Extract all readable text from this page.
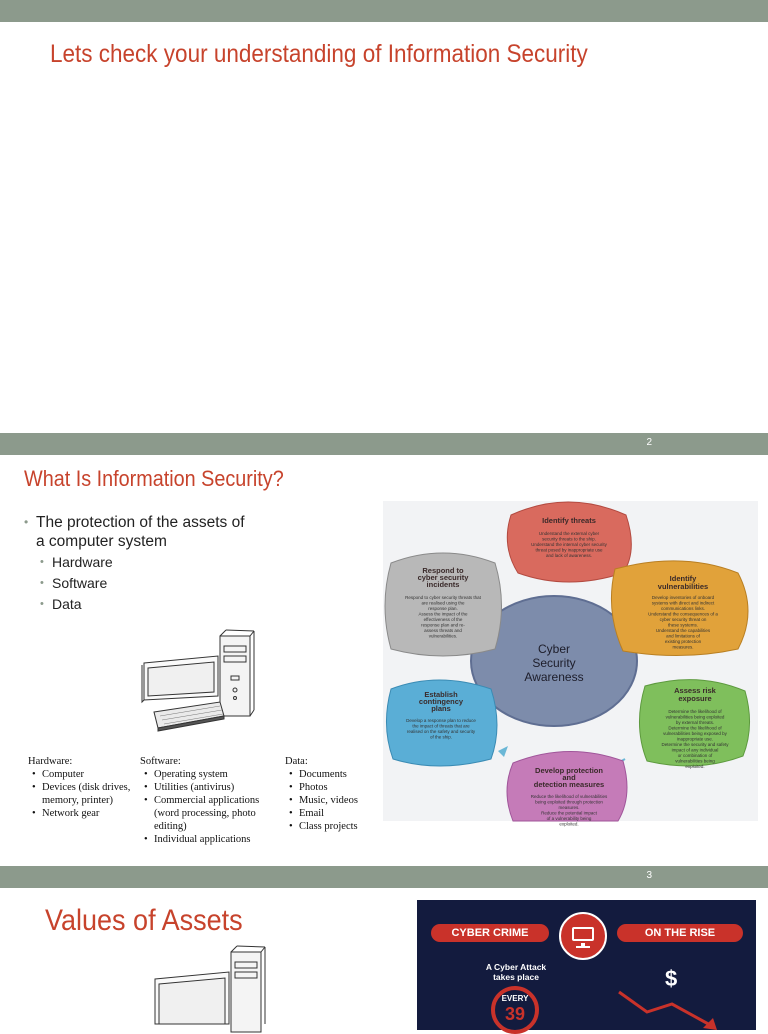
Lets check your understanding of Information Security
2
What Is Information Security?
• The protection of the assets of a computer system
• Hardware
• Software
• Data
Hardware:
• Computer
• Devices (disk drives, memory, printer)
• Network gear
Software:
• Operating system
• Utilities (antivirus)
• Commercial applications (word processing, photo editing)
• Individual applications
Data:
• Documents
• Photos
• Music, videos
• Email
• Class projects
Cyber
Security
Awareness
Identify threats
Understand the external cyber
security threats to the ship.
Understand the internal cyber security
threat posed by inappropriate use
and lack of awareness.
Identify
vulnerabilities
Develop inventories of onboard
systems with direct and indirect
communications links.
Understand the consequences of a
cyber security threat on
these systems.
Understand the capabilities
and limitations of
existing protection
measures.
Assess risk
exposure
Determine the likelihood of
vulnerabilities being exploited
by external threats.
Determine the likelihood of
vulnerabilities being exposed by
inappropriate use.
Determine the security and safety
impact of any individual
or combination of
vulnerabilities being
exploited.
Develop protection
and
detection measures
Reduce the likelihood of vulnerabilities
being exploited through protection
measures.
Reduce the potential impact
of a vulnerability being
exploited.
Establish
contingency
plans
Develop a response plan to reduce
the impact of threats that are
realised on the safety and security
of the ship.
Respond to
cyber security
incidents
Respond to cyber security threats that
are realised using the
response plan.
Assess the impact of the
effectiveness of the
response plan and re-
assess threats and
vulnerabilities.
3
Values of Assets	CYBER CRIME	ON THE RISE
A Cyber Attack takes place
EVERY
39
$
